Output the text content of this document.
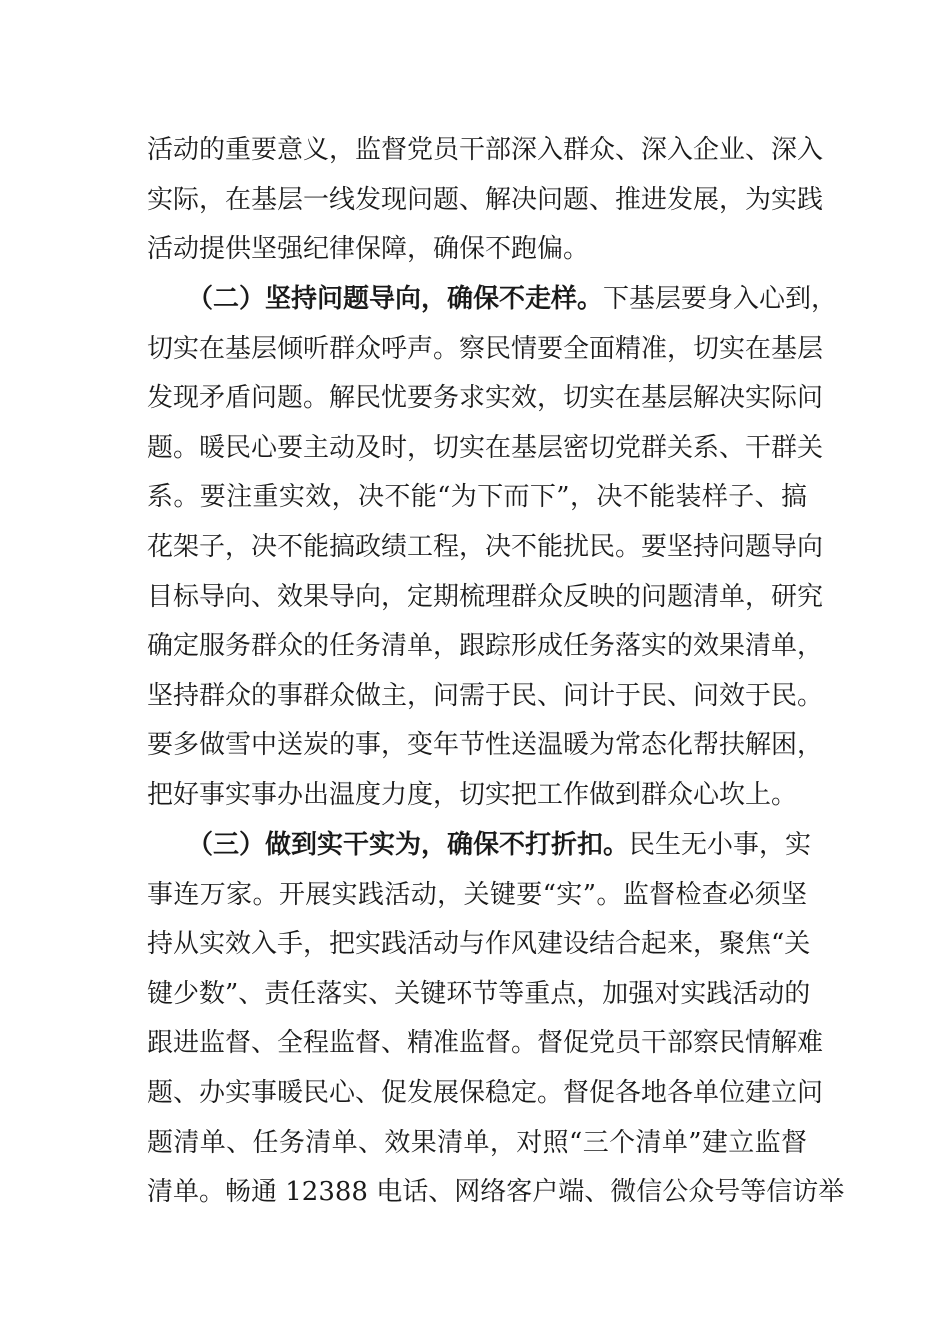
活动的重要意义，监督党员干部深入群众、深入企业、深入
实际，在基层一线发现问题、解决问题、推进发展，为实践
活动提供坚强纪律保障，确保不跑偏。
（二）坚持问题导向，确保不走样。下基层要身入心到，
切实在基层倾听群众呼声。察民情要全面精准，切实在基层
发现矛盾问题。解民忧要务求实效，切实在基层解决实际问
题。暖民心要主动及时，切实在基层密切党群关系、干群关
系。要注重实效，决不能“为下而下”，决不能装样子、搞
花架子，决不能搞政绩工程，决不能扰民。要坚持问题导向
目标导向、效果导向，定期梳理群众反映的问题清单，研究
确定服务群众的任务清单，跟踪形成任务落实的效果清单，
坚持群众的事群众做主，问需于民、问计于民、问效于民。
要多做雪中送炭的事，变年节性送温暖为常态化帮扶解困，
把好事实事办出温度力度，切实把工作做到群众心坎上。
（三）做到实干实为，确保不打折扣。民生无小事，实
事连万家。开展实践活动，关键要“实”。监督检查必须坚
持从实效入手，把实践活动与作风建设结合起来，聚焦“关
键少数”、责任落实、关键环节等重点，加强对实践活动的
跟进监督、全程监督、精准监督。督促党员干部察民情解难
题、办实事暖民心、促发展保稳定。督促各地各单位建立问
题清单、任务清单、效果清单，对照“三个清单”建立监督
清单。畅通 12388 电话、网络客户端、微信公众号等信访举
